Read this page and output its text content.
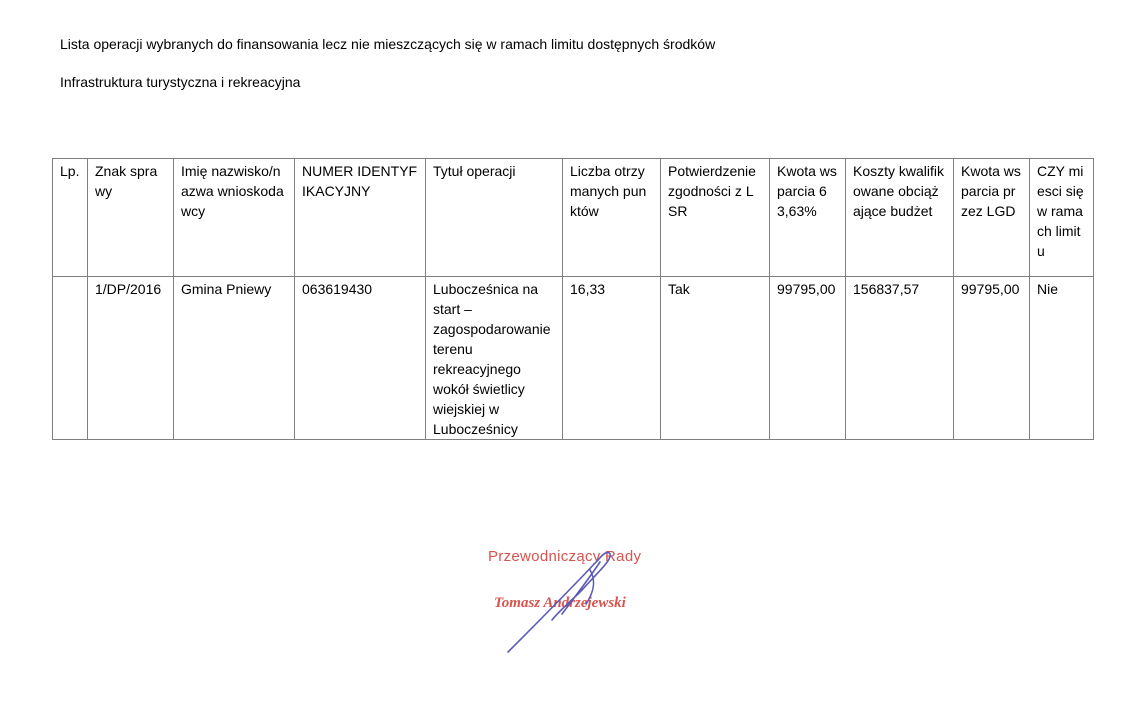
Lista operacji wybranych do finansowania lecz nie mieszczących się w ramach limitu dostępnych środków
Infrastruktura turystyczna i rekreacyjna
Lp.	Znak sprawy	Imię nazwisko/nazwa wnioskodawcy	NUMER IDENTYFIKACYJNY	Tytuł operacji	Liczba otrzymanych punktów	Potwierdzenie zgodności z LSR	Kwota wsparcia 63,63%	Koszty kwalifikowane obciążające budżet	Kwota wsparcia przez LGD	CZY miesci się w ramach limitu
	1/DP/2016	Gmina Pniewy	063619430	Lubocześnica na start – zagospodarowanie terenu rekreacyjnego wokół świetlicy wiejskiej w Lubocześnicy	16,33	Tak	99795,00	156837,57	99795,00	Nie
Przewodniczący Rady
Tomasz Andrzejewski
